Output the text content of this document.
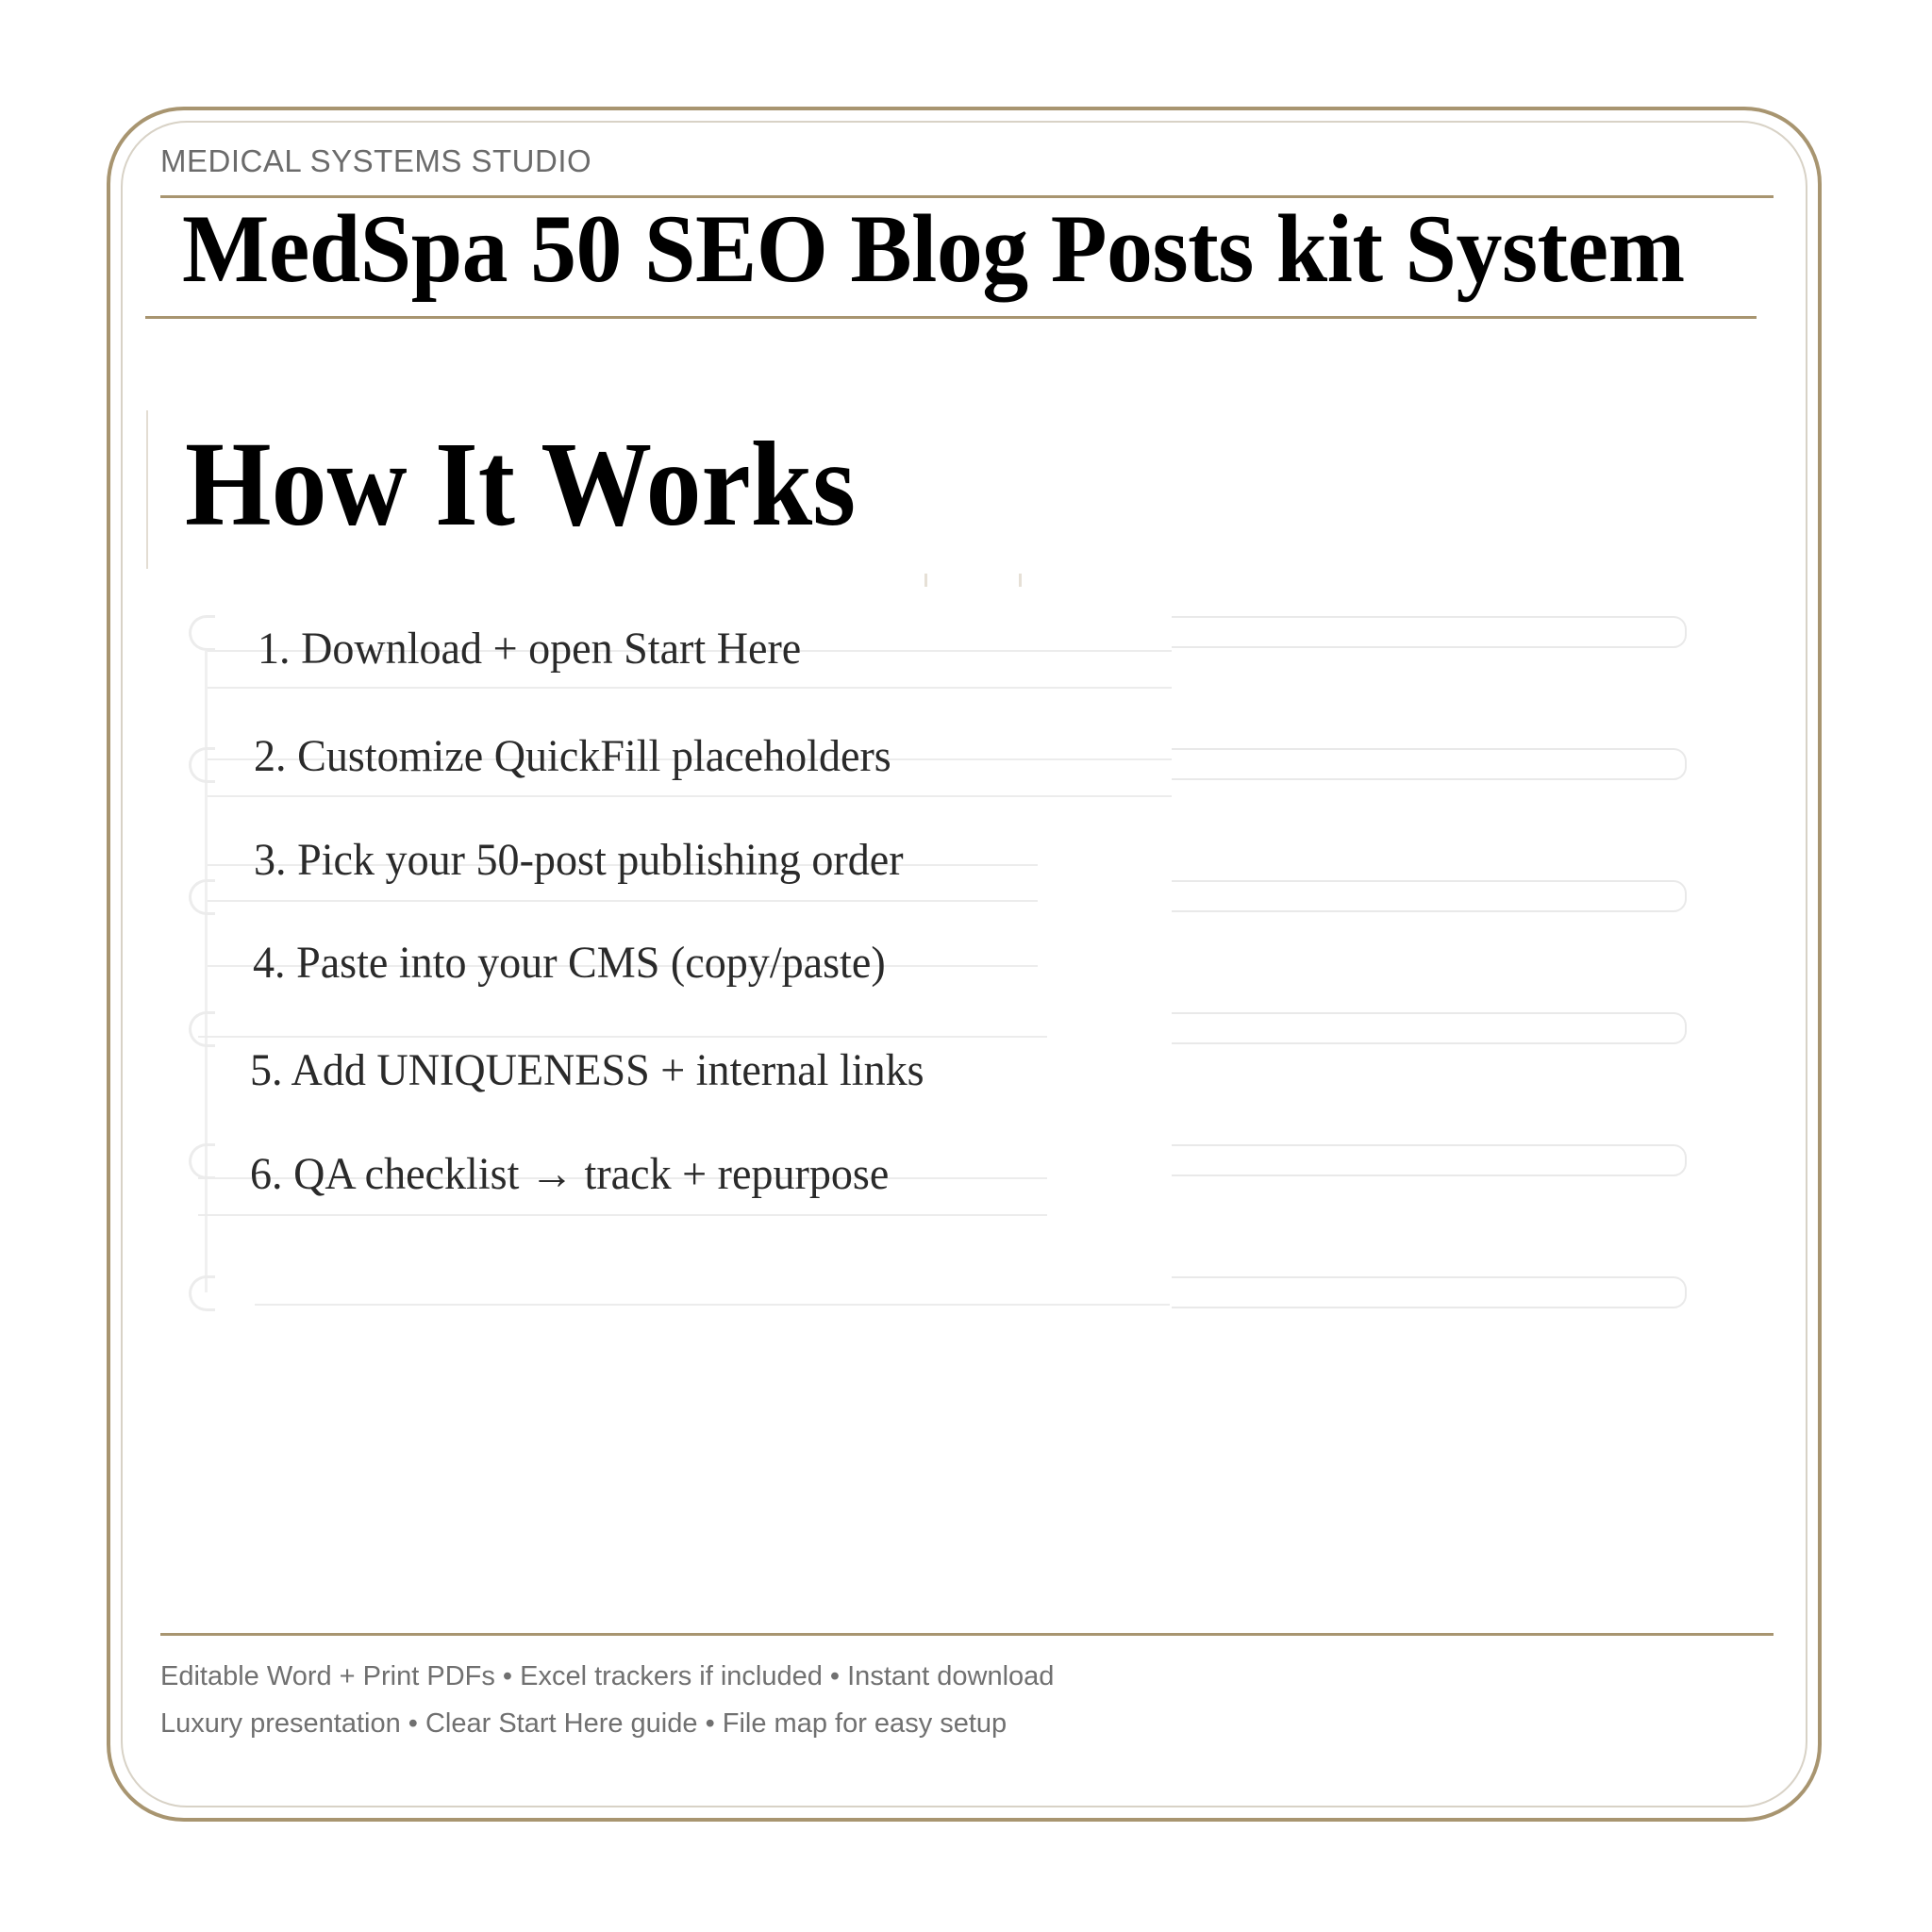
MEDICAL SYSTEMS STUDIO
MedSpa 50 SEO Blog Posts kit System
How It Works
1. Download + open Start Here
2. Customize QuickFill placeholders
3. Pick your 50-post publishing order
4. Paste into your CMS (copy/paste)
5. Add UNIQUENESS + internal links
6. QA checklist → track + repurpose
Editable Word + Print PDFs • Excel trackers if included • Instant download
Luxury presentation • Clear Start Here guide • File map for easy setup
